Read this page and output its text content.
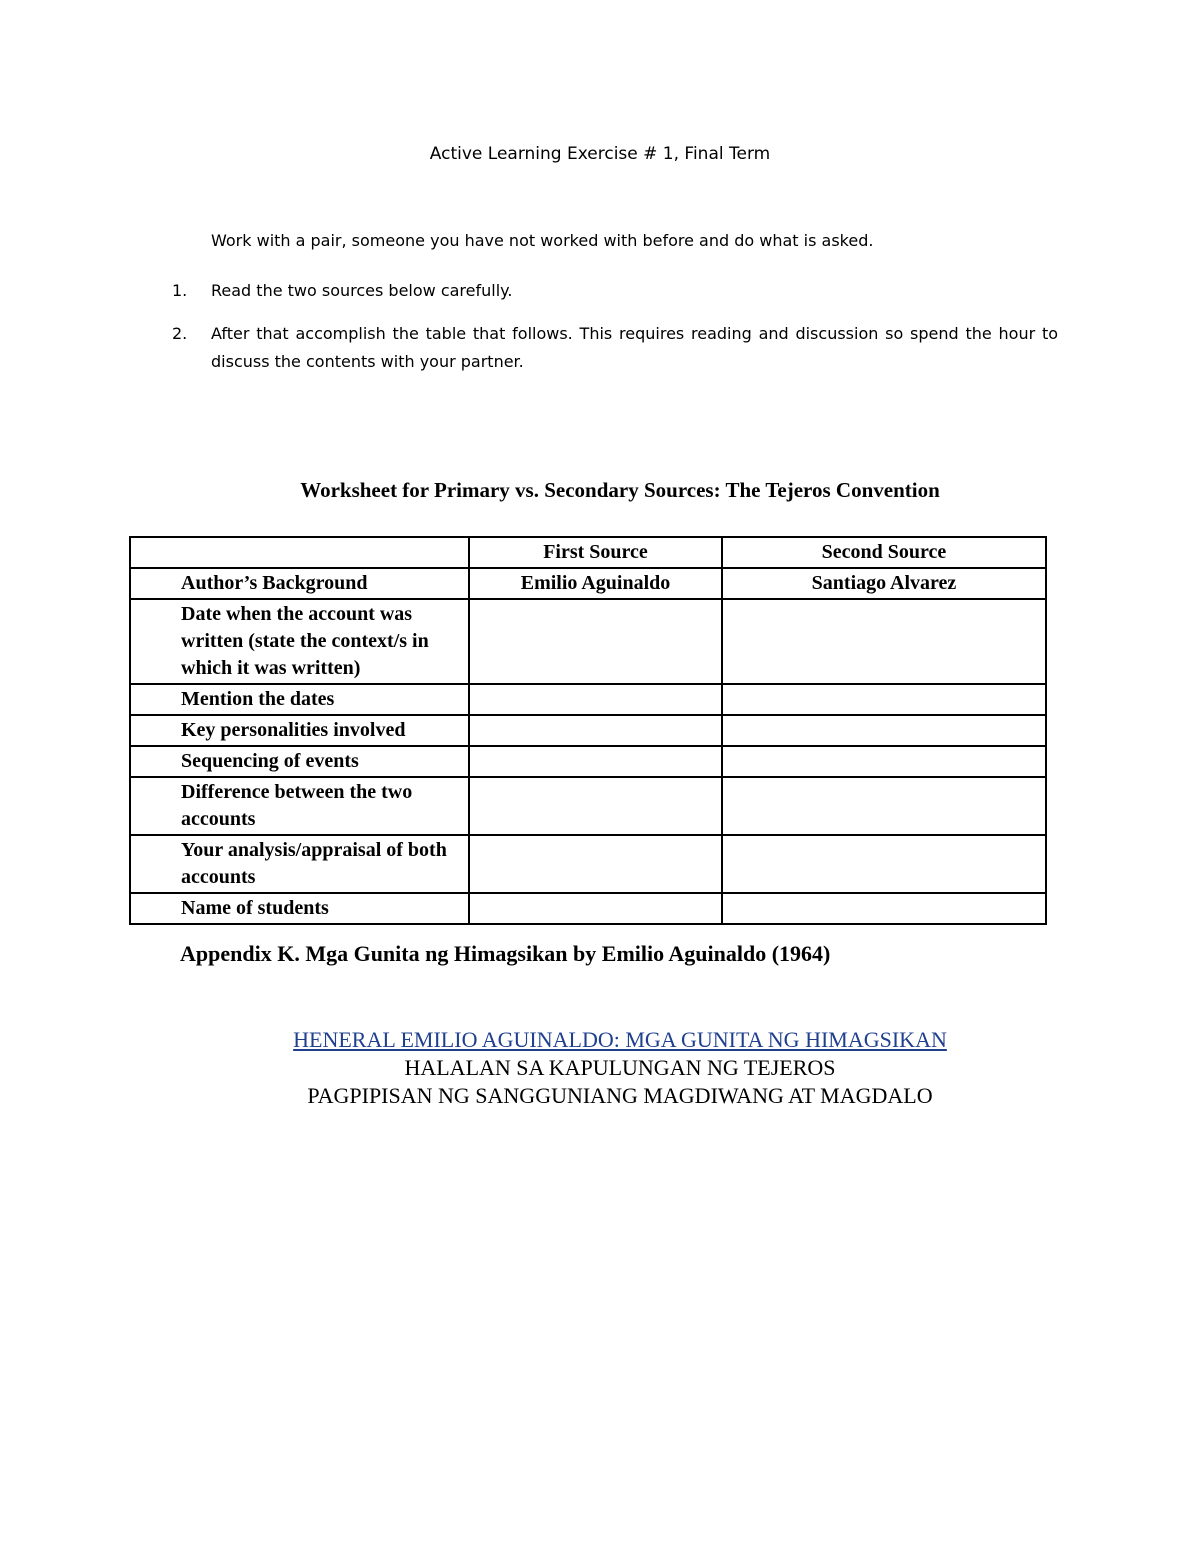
Active Learning Exercise # 1, Final Term
Work with a pair, someone you have not worked with before and do what is asked.
1.	Read the two sources below carefully.
2.	After that accomplish the table that follows. This requires reading and discussion so spend the hour to discuss the contents with your partner.
Worksheet for Primary vs. Secondary Sources: The Tejeros Convention
	First Source	Second Source
Author’s Background	Emilio Aguinaldo	Santiago Alvarez
Date when the account was written (state the context/s in which it was written)		
Mention the dates		
Key personalities involved		
Sequencing of events		
Difference between the two accounts		
Your analysis/appraisal of both accounts		
Name of students		
Appendix K. Mga Gunita ng Himagsikan by Emilio Aguinaldo (1964)
HENERAL EMILIO AGUINALDO: MGA GUNITA NG HIMAGSIKAN
HALALAN SA KAPULUNGAN NG TEJEROS
PAGPIPISAN NG SANGGUNIANG MAGDIWANG AT MAGDALO
